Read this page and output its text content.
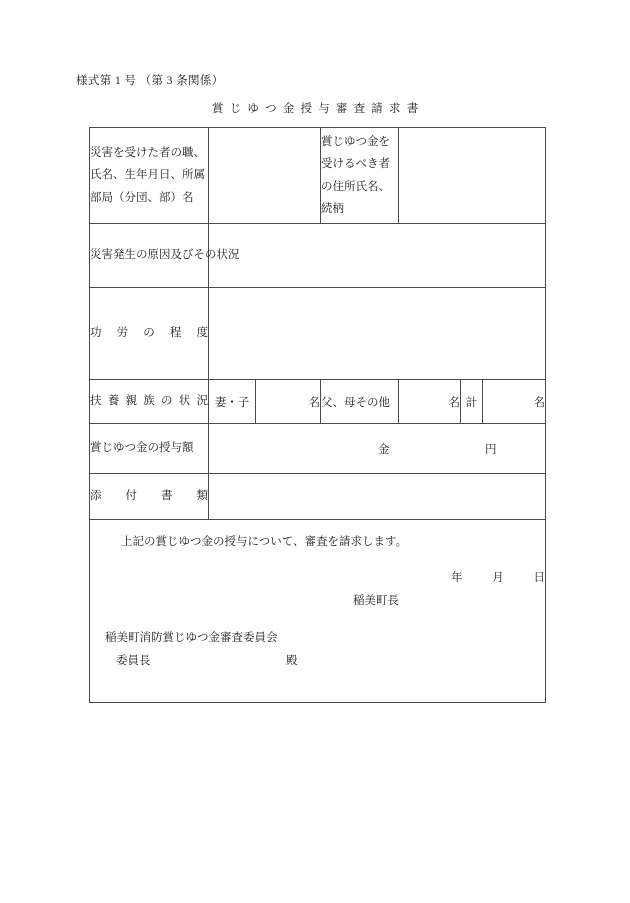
様式第 1 号 （第 3 条関係）
賞じゆつ金授与審査請求書
災害を受けた者の職、氏名、生年月日、所属部局（分団、部）名			賞じゆつ金を受けるべき者の住所氏名、続柄			

災害発生の原因及びその状況						

功労の程度						

扶養親族の状況	妻・子	名	父、母その他	名	計	名
賞じゆつ金の授与額	金 円					

添付書類						

上記の賞じゆつ金の授与について、審査を請求します。
年	月	日
稲美町長
稲美町消防賞じゆつ金審査委員会
委員長	殿
